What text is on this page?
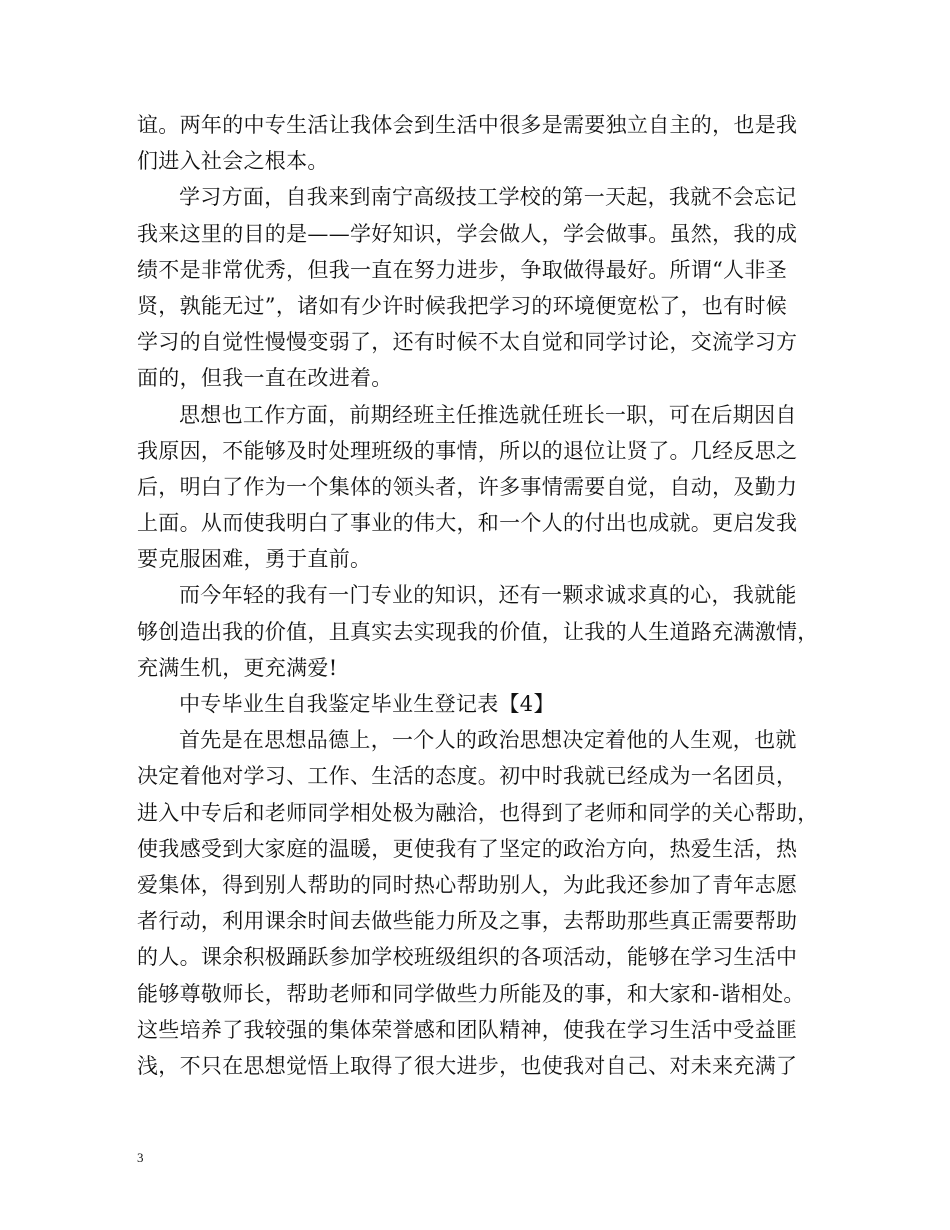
谊。两年的中专生活让我体会到生活中很多是需要独立自主的，也是我
们进入社会之根本。
学习方面，自我来到南宁高级技工学校的第一天起，我就不会忘记
我来这里的目的是——学好知识，学会做人，学会做事。虽然，我的成
绩不是非常优秀，但我一直在努力进步，争取做得最好。所谓“人非圣
贤，孰能无过”，诸如有少许时候我把学习的环境便宽松了，也有时候
学习的自觉性慢慢变弱了，还有时候不太自觉和同学讨论，交流学习方
面的，但我一直在改进着。
思想也工作方面，前期经班主任推选就任班长一职，可在后期因自
我原因，不能够及时处理班级的事情，所以的退位让贤了。几经反思之
后，明白了作为一个集体的领头者，许多事情需要自觉，自动，及勤力
上面。从而使我明白了事业的伟大，和一个人的付出也成就。更启发我
要克服困难，勇于直前。
而今年轻的我有一门专业的知识，还有一颗求诚求真的心，我就能
够创造出我的价值，且真实去实现我的价值，让我的人生道路充满激情，
充满生机，更充满爱!
中专毕业生自我鉴定毕业生登记表【4】
首先是在思想品德上，一个人的政治思想决定着他的人生观，也就
决定着他对学习、工作、生活的态度。初中时我就已经成为一名团员，
进入中专后和老师同学相处极为融洽，也得到了老师和同学的关心帮助，
使我感受到大家庭的温暖，更使我有了坚定的政治方向，热爱生活，热
爱集体，得到别人帮助的同时热心帮助别人，为此我还参加了青年志愿
者行动，利用课余时间去做些能力所及之事，去帮助那些真正需要帮助
的人。课余积极踊跃参加学校班级组织的各项活动，能够在学习生活中
能够尊敬师长，帮助老师和同学做些力所能及的事，和大家和-谐相处。
这些培养了我较强的集体荣誉感和团队精神，使我在学习生活中受益匪
浅，不只在思想觉悟上取得了很大进步，也使我对自己、对未来充满了
3
